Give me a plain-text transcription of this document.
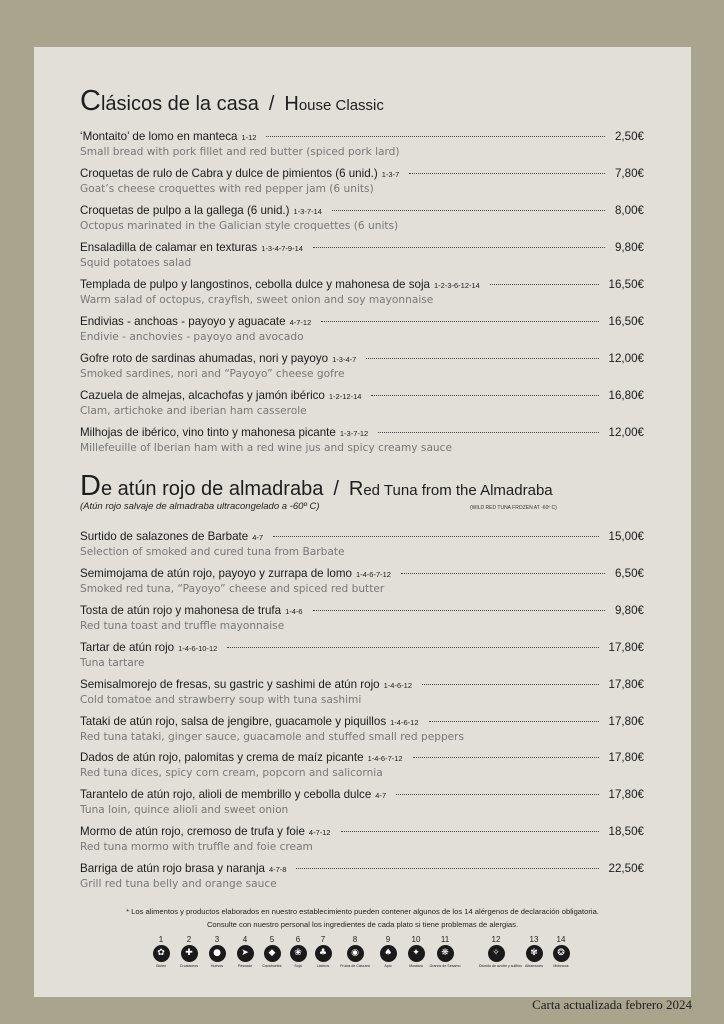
Clásicos de la casa / House Classic
‘Montaito’ de lomo en manteca 1-12	2,50€
Small bread with pork fillet and red butter (spiced pork lard)
Croquetas de rulo de Cabra y dulce de pimientos (6 unid.) 1-3-7	7,80€
Goat’s cheese croquettes with red pepper jam (6 units)
Croquetas de pulpo a la gallega (6 unid.) 1-3-7-14	8,00€
Octopus marinated in the Galician style croquettes (6 units)
Ensaladilla de calamar en texturas 1-3-4-7-9-14	9,80€
Squid potatoes salad
Templada de pulpo y langostinos, cebolla dulce y mahonesa de soja 1-2-3-6-12-14	16,50€
Warm salad of octopus, crayfish, sweet onion and soy mayonnaise
Endivias - anchoas - payoyo y aguacate 4-7-12	16,50€
Endivie - anchovies - payoyo and avocado
Gofre roto de sardinas ahumadas, nori y payoyo 1-3-4-7	12,00€
Smoked sardines, nori and “Payoyo” cheese gofre
Cazuela de almejas, alcachofas y jamón ibérico 1-2-12-14	16,80€
Clam, artichoke and iberian ham casserole
Milhojas de ibérico, vino tinto y mahonesa picante 1-3-7-12	12,00€
Millefeuille of Iberian ham with a red wine jus and spicy creamy sauce
De atún rojo de almadraba / Red Tuna from the Almadraba
(Atún rojo salvaje de almadraba ultracongelado a -60º C)	(WILD RED TUNA FROZEN AT -60º C)
Surtido de salazones de Barbate 4-7	15,00€
Selection of smoked and cured tuna from Barbate
Semimojama de atún rojo, payoyo y zurrapa de lomo 1-4-6-7-12	6,50€
Smoked red tuna, “Payoyo” cheese and spiced red butter
Tosta de atún rojo y mahonesa de trufa 1-4-6	9,80€
Red tuna toast and truffle mayonnaise
Tartar de atún rojo 1-4-6-10-12	17,80€
Tuna tartare
Semisalmorejo de fresas, su gastric y sashimi de atún rojo 1-4-6-12	17,80€
Cold tomatoe and strawberry soup with tuna sashimi
Tataki de atún rojo, salsa de jengibre, guacamole y piquillos 1-4-6-12	17,80€
Red tuna tataki, ginger sauce, guacamole and stuffed small red peppers
Dados de atún rojo, palomitas y crema de maíz picante 1-4-6-7-12	17,80€
Red tuna dices, spicy corn cream, popcorn and salicornia
Tarantelo de atún rojo, alioli de membrillo y cebolla dulce 4-7	17,80€
Tuna loin, quince alioli and sweet onion
Mormo de atún rojo, cremoso de trufa y foie 4-7-12	18,50€
Red tuna mormo with truffle and foie cream
Barriga de atún rojo brasa y naranja 4-7-8	22,50€
Grill red tuna belly and orange sauce
* Los alimentos y productos elaborados en nuestro establecimiento pueden contener algunos de los 14 alérgenos de declaración obligatoria.
Consulte con nuestro personal los ingredientes de cada plato si tiene problemas de alergias.
1
✿
Gluten
2
✚
Crustáceos
3
●
Huevos
4
➤
Pescado
5
◆
Cacahuetes
6
❀
Soja
7
♣
Lácteos
8
◉
Frutos de Cáscara
9
♠
Apio
10
✦
Mostaza
11
❋
Granos de Sésamo
12
✧
Dióxido de azufre y sulfitos
13
✾
Altramuces
14
❂
Moluscos
Carta actualizada febrero 2024
